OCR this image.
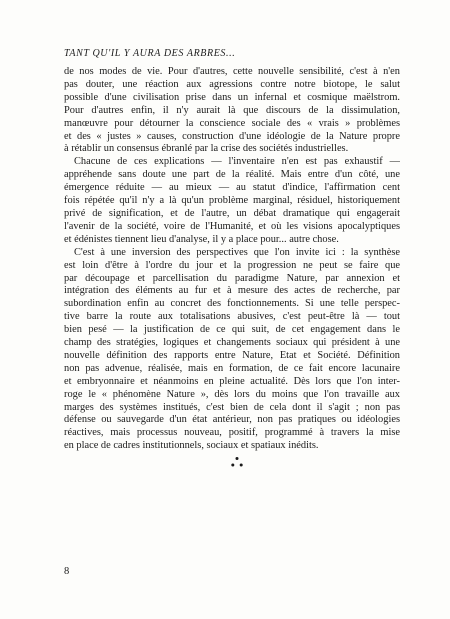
TANT QU'IL Y AURA DES ARBRES...

de nos modes de vie. Pour d'autres, cette nouvelle sensibilité, c'est à n'en
pas douter, une réaction aux agressions contre notre biotope, le salut
possible d'une civilisation prise dans un infernal et cosmique maëlstrom.
Pour d'autres enfin, il n'y aurait là que discours de la dissimulation,
manœuvre pour détourner la conscience sociale des « vrais » problèmes
et des « justes » causes, construction d'une idéologie de la Nature propre
à rétablir un consensus ébranlé par la crise des sociétés industrielles.

Chacune de ces explications — l'inventaire n'en est pas exhaustif —
appréhende sans doute une part de la réalité. Mais entre d'un côté, une
émergence réduite — au mieux — au statut d'indice, l'affirmation cent
fois répétée qu'il n'y a là qu'un problème marginal, résiduel, historiquement
privé de signification, et de l'autre, un débat dramatique qui engagerait
l'avenir de la société, voire de l'Humanité, et où les visions apocalyptiques
et édénistes tiennent lieu d'analyse, il y a place pour... autre chose.

C'est à une inversion des perspectives que l'on invite ici : la synthèse
est loin d'être à l'ordre du jour et la progression ne peut se faire que
par découpage et parcellisation du paradigme Nature, par annexion et
intégration des éléments au fur et à mesure des actes de recherche, par
subordination enfin au concret des fonctionnements. Si une telle perspec-
tive barre la route aux totalisations abusives, c'est peut-être là — tout
bien pesé — la justification de ce qui suit, de cet engagement dans le
champ des stratégies, logiques et changements sociaux qui président à une
nouvelle définition des rapports entre Nature, Etat et Société. Définition
non pas advenue, réalisée, mais en formation, de ce fait encore lacunaire
et embryonnaire et néanmoins en pleine actualité. Dès lors que l'on inter-
roge le « phénomène Nature », dès lors du moins que l'on travaille aux
marges des systèmes institués, c'est bien de cela dont il s'agit ; non pas
défense ou sauvegarde d'un état antérieur, non pas pratiques ou idéologies
réactives, mais processus nouveau, positif, programmé à travers la mise
en place de cadres institutionnels, sociaux et spatiaux inédits.

8
